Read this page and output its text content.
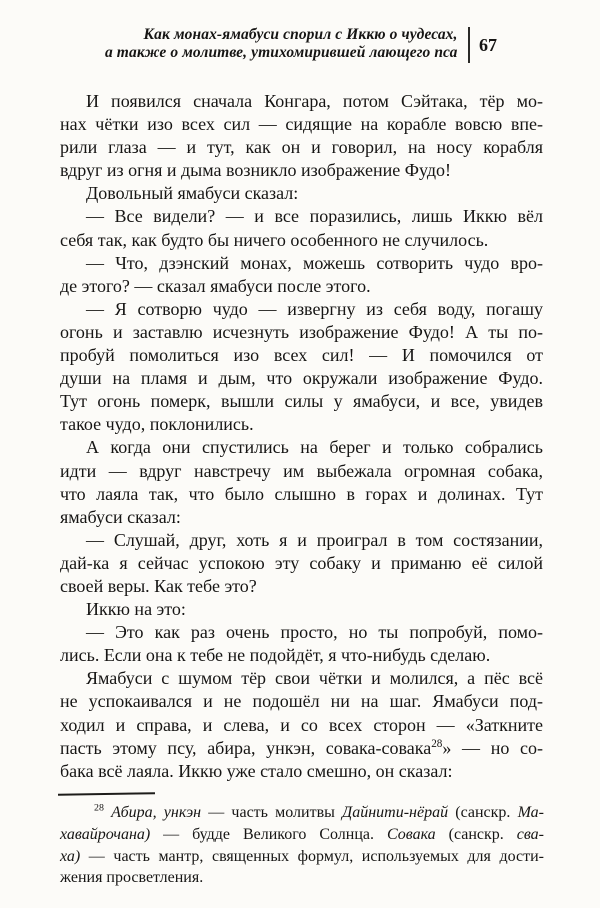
Как монах-ямабуси спорил с Иккю о чудесах,
а также о молитве, утихомирившей лающего пса 67
И появился сначала Конгара, потом Сэйтака, тёр мо-
нах чётки изо всех сил — сидящие на корабле вовсю впе-
рили глаза — и тут, как он и говорил, на носу корабля
вдруг из огня и дыма возникло изображение Фудо!
Довольный ямабуси сказал:
— Все видели? — и все поразились, лишь Иккю вёл
себя так, как будто бы ничего особенного не случилось.
— Что, дзэнский монах, можешь сотворить чудо вро-
де этого? — сказал ямабуси после этого.
— Я сотворю чудо — извергну из себя воду, погашу
огонь и заставлю исчезнуть изображение Фудо! А ты по-
пробуй помолиться изо всех сил! — И помочился от
души на пламя и дым, что окружали изображение Фудо.
Тут огонь померк, вышли силы у ямабуси, и все, увидев
такое чудо, поклонились.
А когда они спустились на берег и только собрались
идти — вдруг навстречу им выбежала огромная собака,
что лаяла так, что было слышно в горах и долинах. Тут
ямабуси сказал:
— Слушай, друг, хоть я и проиграл в том состязании,
дай-ка я сейчас успокою эту собаку и приманю её силой
своей веры. Как тебе это?
Иккю на это:
— Это как раз очень просто, но ты попробуй, помо-
лись. Если она к тебе не подойдёт, я что-нибудь сделаю.
Ямабуси с шумом тёр свои чётки и молился, а пёс всё
не успокаивался и не подошёл ни на шаг. Ямабуси под-
ходил и справа, и слева, и со всех сторон — «Заткните
пасть этому псу, абира, ункэн, совака-совака$^{28}$» — но со-
бака всё лаяла. Иккю уже стало смешно, он сказал:
$^{28}$ Абира, ункэн — часть молитвы Дайнити-нёрай (санскр. Ма-
хавайрочана) — будде Великого Солнца. Совака (санскр. сва-
ха) — часть мантр, священных формул, используемых для дости-
жения просветления.
